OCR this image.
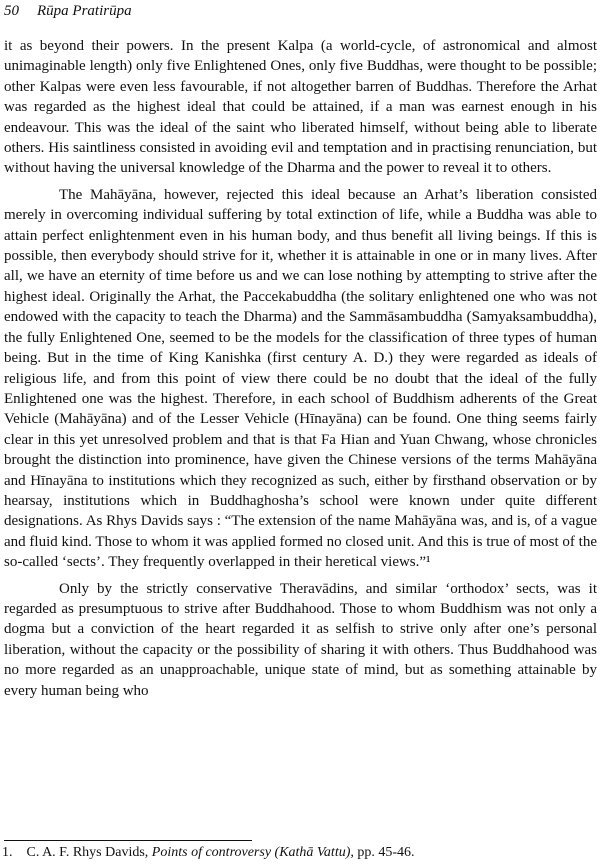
50 Rūpa Pratirūpa

it as beyond their powers. In the present Kalpa (a world-cycle, of astronomical and almost unimaginable length) only five Enlightened Ones, only five Buddhas, were thought to be possible; other Kalpas were even less favourable, if not altogether barren of Buddhas. Therefore the Arhat was regarded as the highest ideal that could be attained, if a man was earnest enough in his endeavour. This was the ideal of the saint who liberated himself, without being able to liberate others. His saintliness consisted in avoiding evil and temptation and in practising renunciation, but without having the universal knowledge of the Dharma and the power to reveal it to others.

The Mahāyāna, however, rejected this ideal because an Arhat’s liberation consisted merely in overcoming individual suffering by total extinction of life, while a Buddha was able to attain perfect enlightenment even in his human body, and thus benefit all living beings. If this is possible, then everybody should strive for it, whether it is attainable in one or in many lives. After all, we have an eternity of time before us and we can lose nothing by attempting to strive after the highest ideal. Originally the Arhat, the Paccekabuddha (the solitary enlightened one who was not endowed with the capacity to teach the Dharma) and the Sammāsambuddha (Samyaksambuddha), the fully Enlightened One, seemed to be the models for the classification of three types of human being. But in the time of King Kanishka (first century A. D.) they were regarded as ideals of religious life, and from this point of view there could be no doubt that the ideal of the fully Enlightened one was the highest. Therefore, in each school of Buddhism adherents of the Great Vehicle (Mahāyāna) and of the Lesser Vehicle (Hīnayāna) can be found. One thing seems fairly clear in this yet unresolved problem and that is that Fa Hian and Yuan Chwang, whose chronicles brought the distinction into prominence, have given the Chinese versions of the terms Mahāyāna and Hīnayāna to institutions which they recognized as such, either by firsthand observation or by hearsay, institutions which in Buddhaghosha’s school were known under quite different designations. As Rhys Davids says : “The extension of the name Mahāyāna was, and is, of a vague and fluid kind. Those to whom it was applied formed no closed unit. And this is true of most of the so-called ‘sects’. They frequently overlapped in their heretical views.”¹

Only by the strictly conservative Theravādins, and similar ‘orthodox’ sects, was it regarded as presumptuous to strive after Buddhahood. Those to whom Buddhism was not only a dogma but a conviction of the heart regarded it as selfish to strive only after one’s personal liberation, without the capacity or the possibility of sharing it with others. Thus Buddhahood was no more regarded as an unapproachable, unique state of mind, but as something attainable by every human being who

1. C. A. F. Rhys Davids, Points of controversy (Kathā Vattu), pp. 45-46.
